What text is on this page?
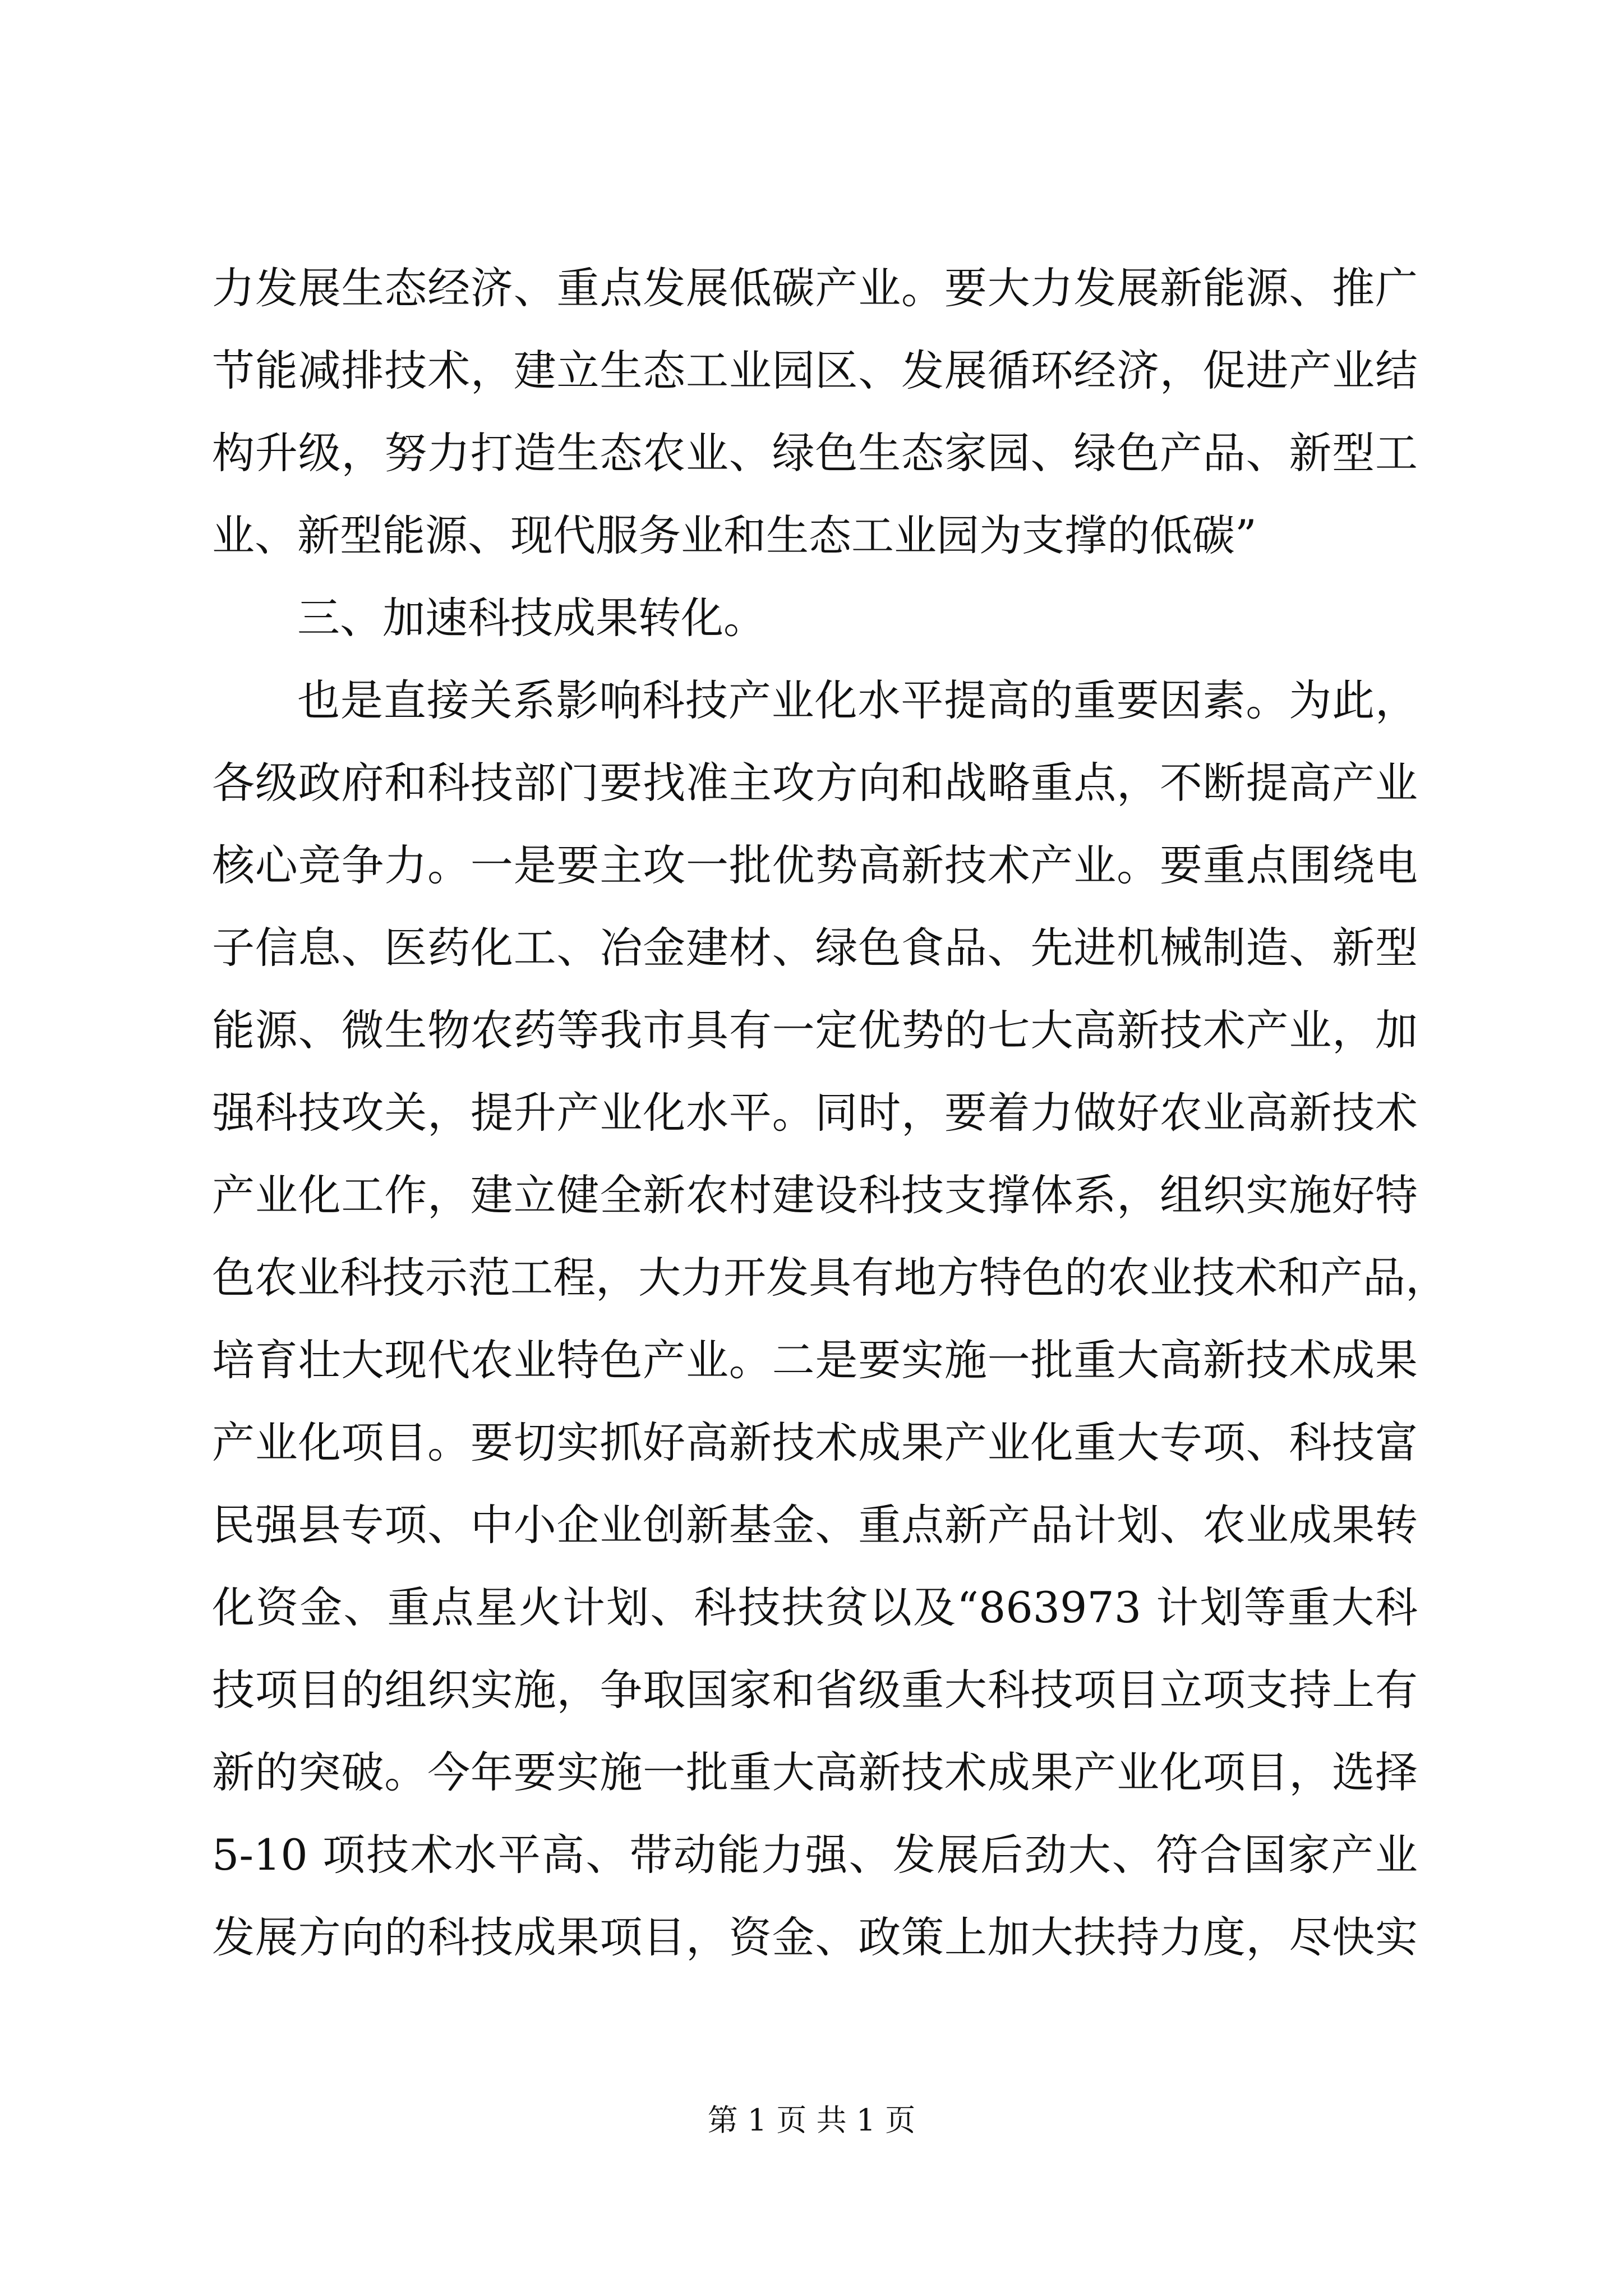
力发展生态经济、重点发展低碳产业。要大力发展新能源、推广
节能减排技术，建立生态工业园区、发展循环经济，促进产业结
构升级，努力打造生态农业、绿色生态家园、绿色产品、新型工
业、新型能源、现代服务业和生态工业园为支撑的低碳”
三、加速科技成果转化。
也是直接关系影响科技产业化水平提高的重要因素。为此，
各级政府和科技部门要找准主攻方向和战略重点，不断提高产业
核心竞争力。一是要主攻一批优势高新技术产业。要重点围绕电
子信息、医药化工、冶金建材、绿色食品、先进机械制造、新型
能源、微生物农药等我市具有一定优势的七大高新技术产业，加
强科技攻关，提升产业化水平。同时，要着力做好农业高新技术
产业化工作，建立健全新农村建设科技支撑体系，组织实施好特
色农业科技示范工程，大力开发具有地方特色的农业技术和产品，
培育壮大现代农业特色产业。二是要实施一批重大高新技术成果
产业化项目。要切实抓好高新技术成果产业化重大专项、科技富
民强县专项、中小企业创新基金、重点新产品计划、农业成果转
化资金、重点星火计划、科技扶贫以及“863973 计划等重大科
技项目的组织实施，争取国家和省级重大科技项目立项支持上有
新的突破。今年要实施一批重大高新技术成果产业化项目，选择
5-10 项技术水平高、带动能力强、发展后劲大、符合国家产业
发展方向的科技成果项目，资金、政策上加大扶持力度，尽快实
第 1 页 共 1 页
